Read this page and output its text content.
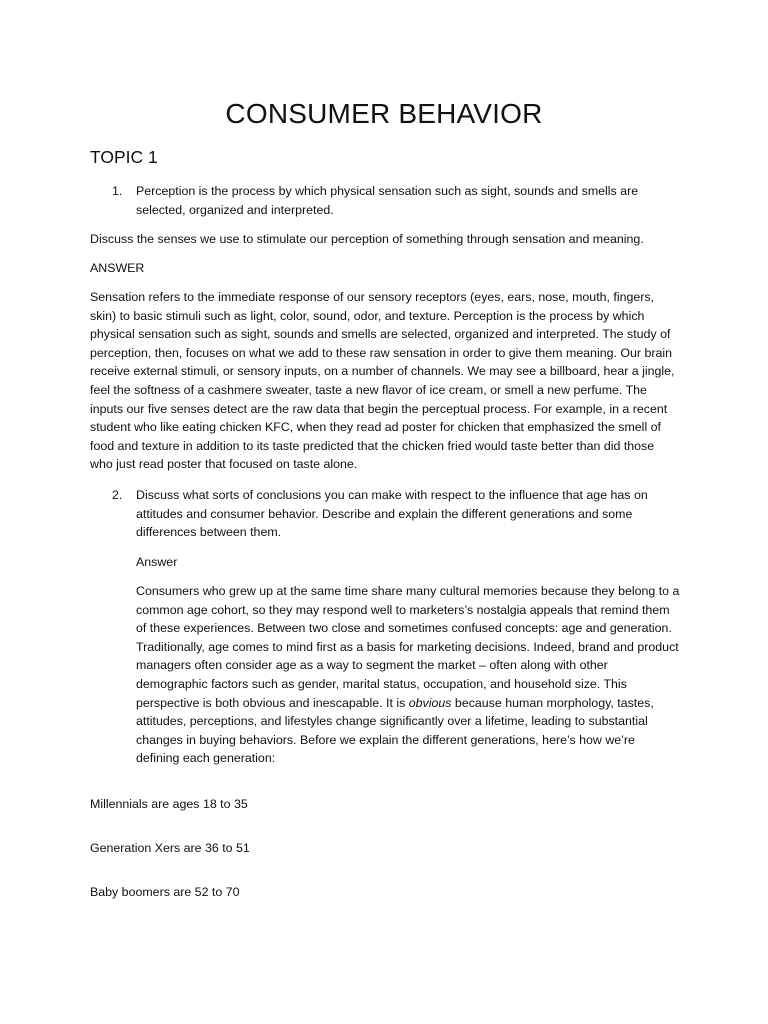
CONSUMER BEHAVIOR
TOPIC 1
1. Perception is the process by which physical sensation such as sight, sounds and smells are selected, organized and interpreted.

Discuss the senses we use to stimulate our perception of something through sensation and meaning.

ANSWER

Sensation refers to the immediate response of our sensory receptors (eyes, ears, nose, mouth, fingers, skin) to basic stimuli such as light, color, sound, odor, and texture. Perception is the process by which physical sensation such as sight, sounds and smells are selected, organized and interpreted. The study of perception, then, focuses on what we add to these raw sensation in order to give them meaning. Our brain receive external stimuli, or sensory inputs, on a number of channels. We may see a billboard, hear a jingle, feel the softness of a cashmere sweater, taste a new flavor of ice cream, or smell a new perfume. The inputs our five senses detect are the raw data that begin the perceptual process. For example, in a recent student who like eating chicken KFC, when they read ad poster for chicken that emphasized the smell of food and texture in addition to its taste predicted that the chicken fried would taste better than did those who just read poster that focused on taste alone.

2. Discuss what sorts of conclusions you can make with respect to the influence that age has on attitudes and consumer behavior. Describe and explain the different generations and some differences between them.

Answer

Consumers who grew up at the same time share many cultural memories because they belong to a common age cohort, so they may respond well to marketers’s nostalgia appeals that remind them of these experiences. Between two close and sometimes confused concepts: age and generation. Traditionally, age comes to mind first as a basis for marketing decisions. Indeed, brand and product managers often consider age as a way to segment the market – often along with other demographic factors such as gender, marital status, occupation, and household size. This perspective is both obvious and inescapable. It is obvious because human morphology, tastes, attitudes, perceptions, and lifestyles change significantly over a lifetime, leading to substantial changes in buying behaviors. Before we explain the different generations, here’s how we’re defining each generation:

Millennials are ages 18 to 35

Generation Xers are 36 to 51

Baby boomers are 52 to 70
